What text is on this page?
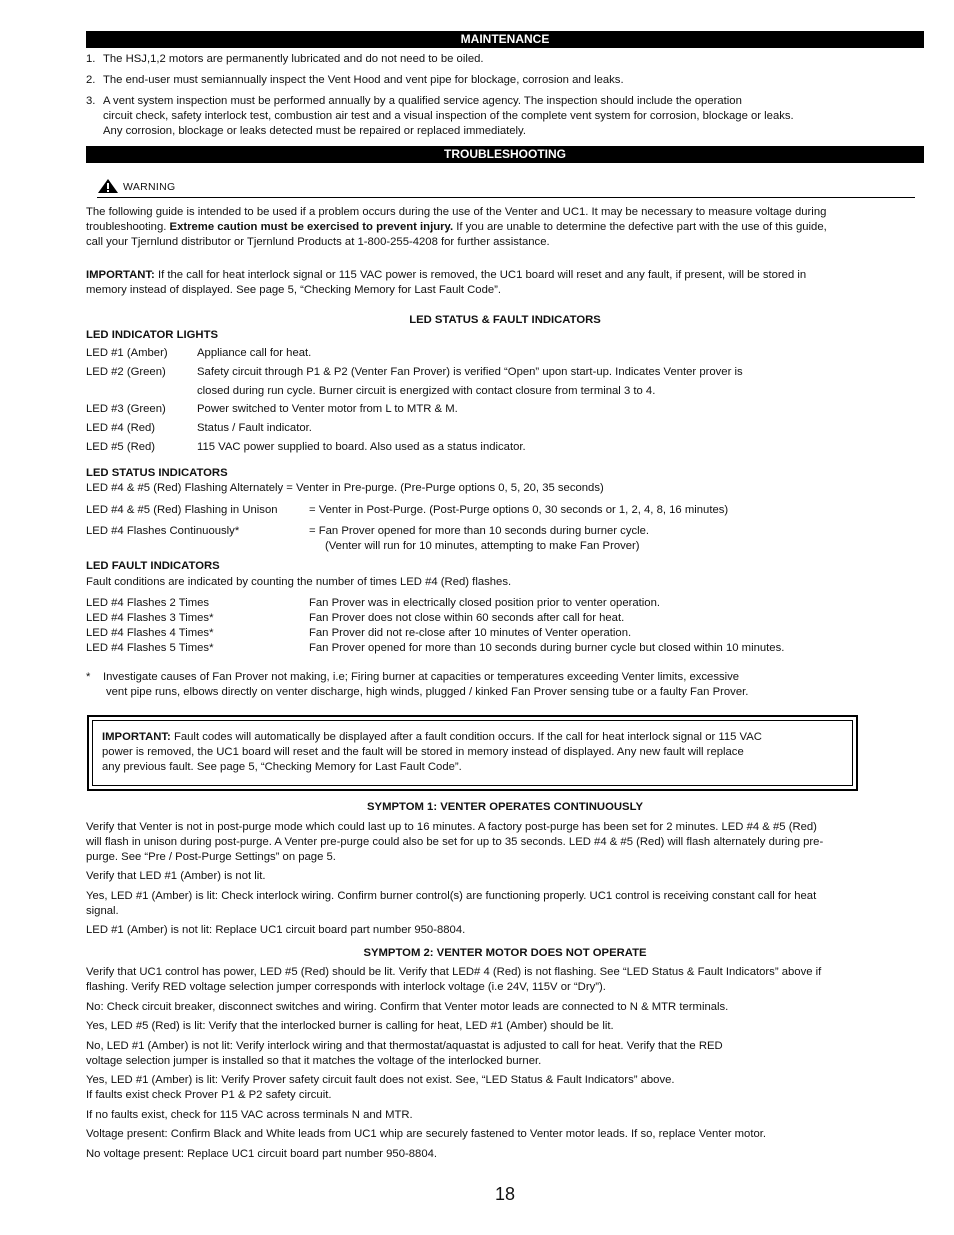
MAINTENANCE
1. The HSJ,1,2 motors are permanently lubricated and do not need to be oiled.
2. The end-user must semiannually inspect the Vent Hood and vent pipe for blockage, corrosion and leaks.
3. A vent system inspection must be performed annually by a qualified service agency. The inspection should include the operation
circuit check, safety interlock test, combustion air test and a visual inspection of the complete vent system for corrosion, blockage or leaks.
Any corrosion, blockage or leaks detected must be repaired or replaced immediately.
TROUBLESHOOTING
WARNING
The following guide is intended to be used if a problem occurs during the use of the Venter and UC1. It may be necessary to measure voltage during
troubleshooting. Extreme caution must be exercised to prevent injury. If you are unable to determine the defective part with the use of this guide,
call your Tjernlund distributor or Tjernlund Products at 1-800-255-4208 for further assistance.
IMPORTANT: If the call for heat interlock signal or 115 VAC power is removed, the UC1 board will reset and any fault, if present, will be stored in
memory instead of displayed. See page 5, “Checking Memory for Last Fault Code”.
LED STATUS & FAULT INDICATORS
LED INDICATOR LIGHTS
LED #1 (Amber)	Appliance call for heat.
LED #2 (Green)	Safety circuit through P1 & P2 (Venter Fan Prover) is verified “Open” upon start-up. Indicates Venter prover is
closed during run cycle. Burner circuit is energized with contact closure from terminal 3 to 4.
LED #3 (Green)	Power switched to Venter motor from L to MTR & M.
LED #4 (Red)	Status / Fault indicator.
LED #5 (Red)	115 VAC power supplied to board. Also used as a status indicator.
LED STATUS INDICATORS
LED #4 & #5 (Red) Flashing Alternately = Venter in Pre-purge. (Pre-Purge options 0, 5, 20, 35 seconds)
LED #4 & #5 (Red) Flashing in Unison	= Venter in Post-Purge. (Post-Purge options 0, 30 seconds or 1, 2, 4, 8, 16 minutes)
LED #4 Flashes Continuously*	= Fan Prover opened for more than 10 seconds during burner cycle.
(Venter will run for 10 minutes, attempting to make Fan Prover)
LED FAULT INDICATORS
Fault conditions are indicated by counting the number of times LED #4 (Red) flashes.
LED #4 Flashes 2 Times	Fan Prover was in electrically closed position prior to venter operation.
LED #4 Flashes 3 Times*	Fan Prover does not close within 60 seconds after call for heat.
LED #4 Flashes 4 Times*	Fan Prover did not re-close after 10 minutes of Venter operation.
LED #4 Flashes 5 Times*	Fan Prover opened for more than 10 seconds during burner cycle but closed within 10 minutes.
* Investigate causes of Fan Prover not making, i.e; Firing burner at capacities or temperatures exceeding Venter limits, excessive
vent pipe runs, elbows directly on venter discharge, high winds, plugged / kinked Fan Prover sensing tube or a faulty Fan Prover.
IMPORTANT: Fault codes will automatically be displayed after a fault condition occurs. If the call for heat interlock signal or 115 VAC
power is removed, the UC1 board will reset and the fault will be stored in memory instead of displayed. Any new fault will replace
any previous fault. See page 5, “Checking Memory for Last Fault Code”.
SYMPTOM 1: VENTER OPERATES CONTINUOUSLY
Verify that Venter is not in post-purge mode which could last up to 16 minutes. A factory post-purge has been set for 2 minutes. LED #4 & #5 (Red)
will flash in unison during post-purge. A Venter pre-purge could also be set for up to 35 seconds. LED #4 & #5 (Red) will flash alternately during pre-
purge. See “Pre / Post-Purge Settings” on page 5.
Verify that LED #1 (Amber) is not lit.
Yes, LED #1 (Amber) is lit: Check interlock wiring. Confirm burner control(s) are functioning properly. UC1 control is receiving constant call for heat
signal.
LED #1 (Amber) is not lit: Replace UC1 circuit board part number 950-8804.
SYMPTOM 2: VENTER MOTOR DOES NOT OPERATE
Verify that UC1 control has power, LED #5 (Red) should be lit. Verify that LED# 4 (Red) is not flashing. See “LED Status & Fault Indicators” above if
flashing. Verify RED voltage selection jumper corresponds with interlock voltage (i.e 24V, 115V or “Dry”).
No: Check circuit breaker, disconnect switches and wiring. Confirm that Venter motor leads are connected to N & MTR terminals.
Yes, LED #5 (Red) is lit: Verify that the interlocked burner is calling for heat, LED #1 (Amber) should be lit.
No, LED #1 (Amber) is not lit: Verify interlock wiring and that thermostat/aquastat is adjusted to call for heat. Verify that the RED
voltage selection jumper is installed so that it matches the voltage of the interlocked burner.
Yes, LED #1 (Amber) is lit: Verify Prover safety circuit fault does not exist. See, “LED Status & Fault Indicators” above.
If faults exist check Prover P1 & P2 safety circuit.
If no faults exist, check for 115 VAC across terminals N and MTR.
Voltage present: Confirm Black and White leads from UC1 whip are securely fastened to Venter motor leads. If so, replace Venter motor.
No voltage present: Replace UC1 circuit board part number 950-8804.
18
